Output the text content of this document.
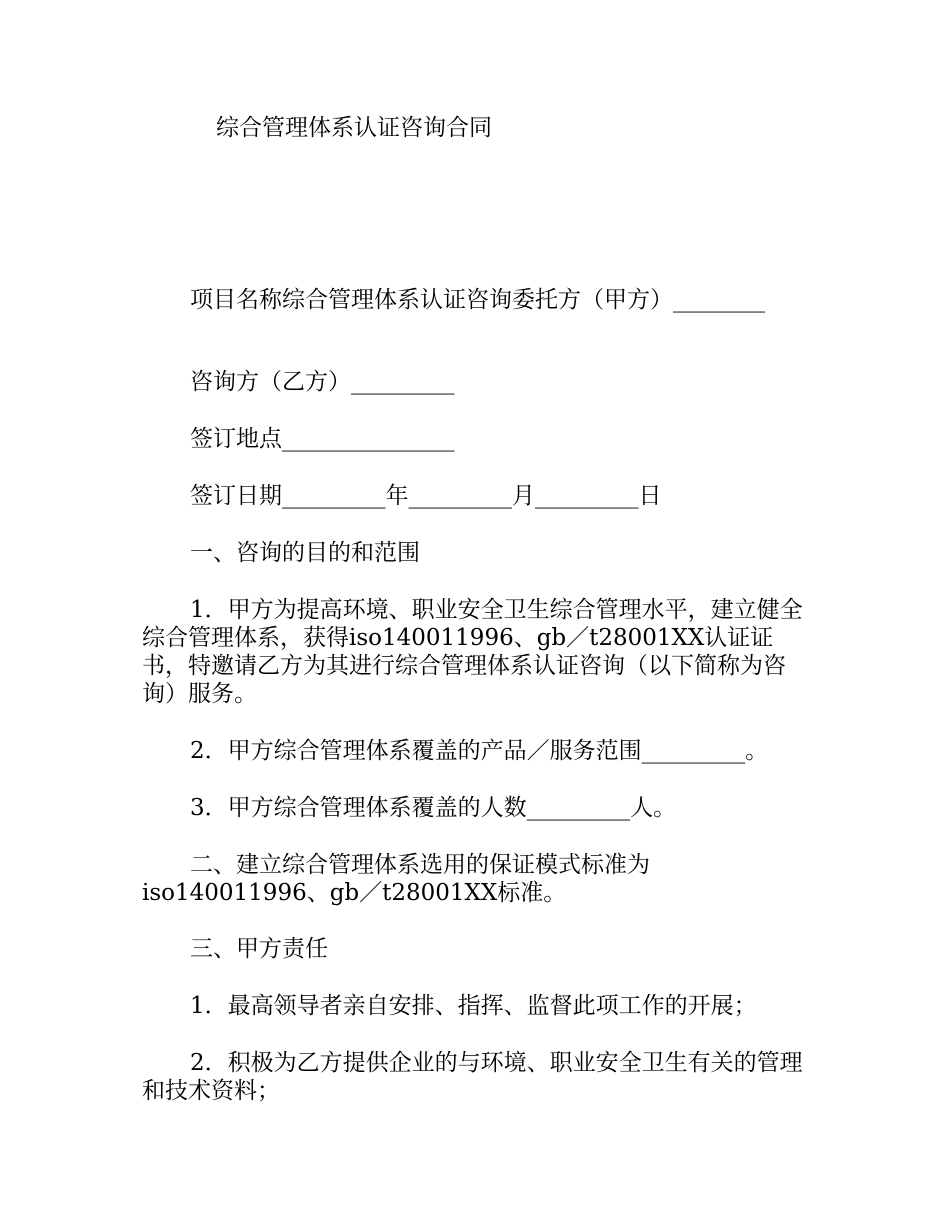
综合管理体系认证咨询合同
项目名称综合管理体系认证咨询委托方（甲方）________
咨询方（乙方）_________
签订地点_______________
签订日期_________年_________月_________日
一、咨询的目的和范围
1．甲方为提高环境、职业安全卫生综合管理水平，建立健全综合管理体系，获得iso140011996、gb／t28001XX认证证书，特邀请乙方为其进行综合管理体系认证咨询（以下简称为咨询）服务。
2．甲方综合管理体系覆盖的产品／服务范围_________。
3．甲方综合管理体系覆盖的人数_________人。
二、建立综合管理体系选用的保证模式标准为iso140011996、gb／t28001XX标准。
三、甲方责任
1．最高领导者亲自安排、指挥、监督此项工作的开展；
2．积极为乙方提供企业的与环境、职业安全卫生有关的管理和技术资料；
